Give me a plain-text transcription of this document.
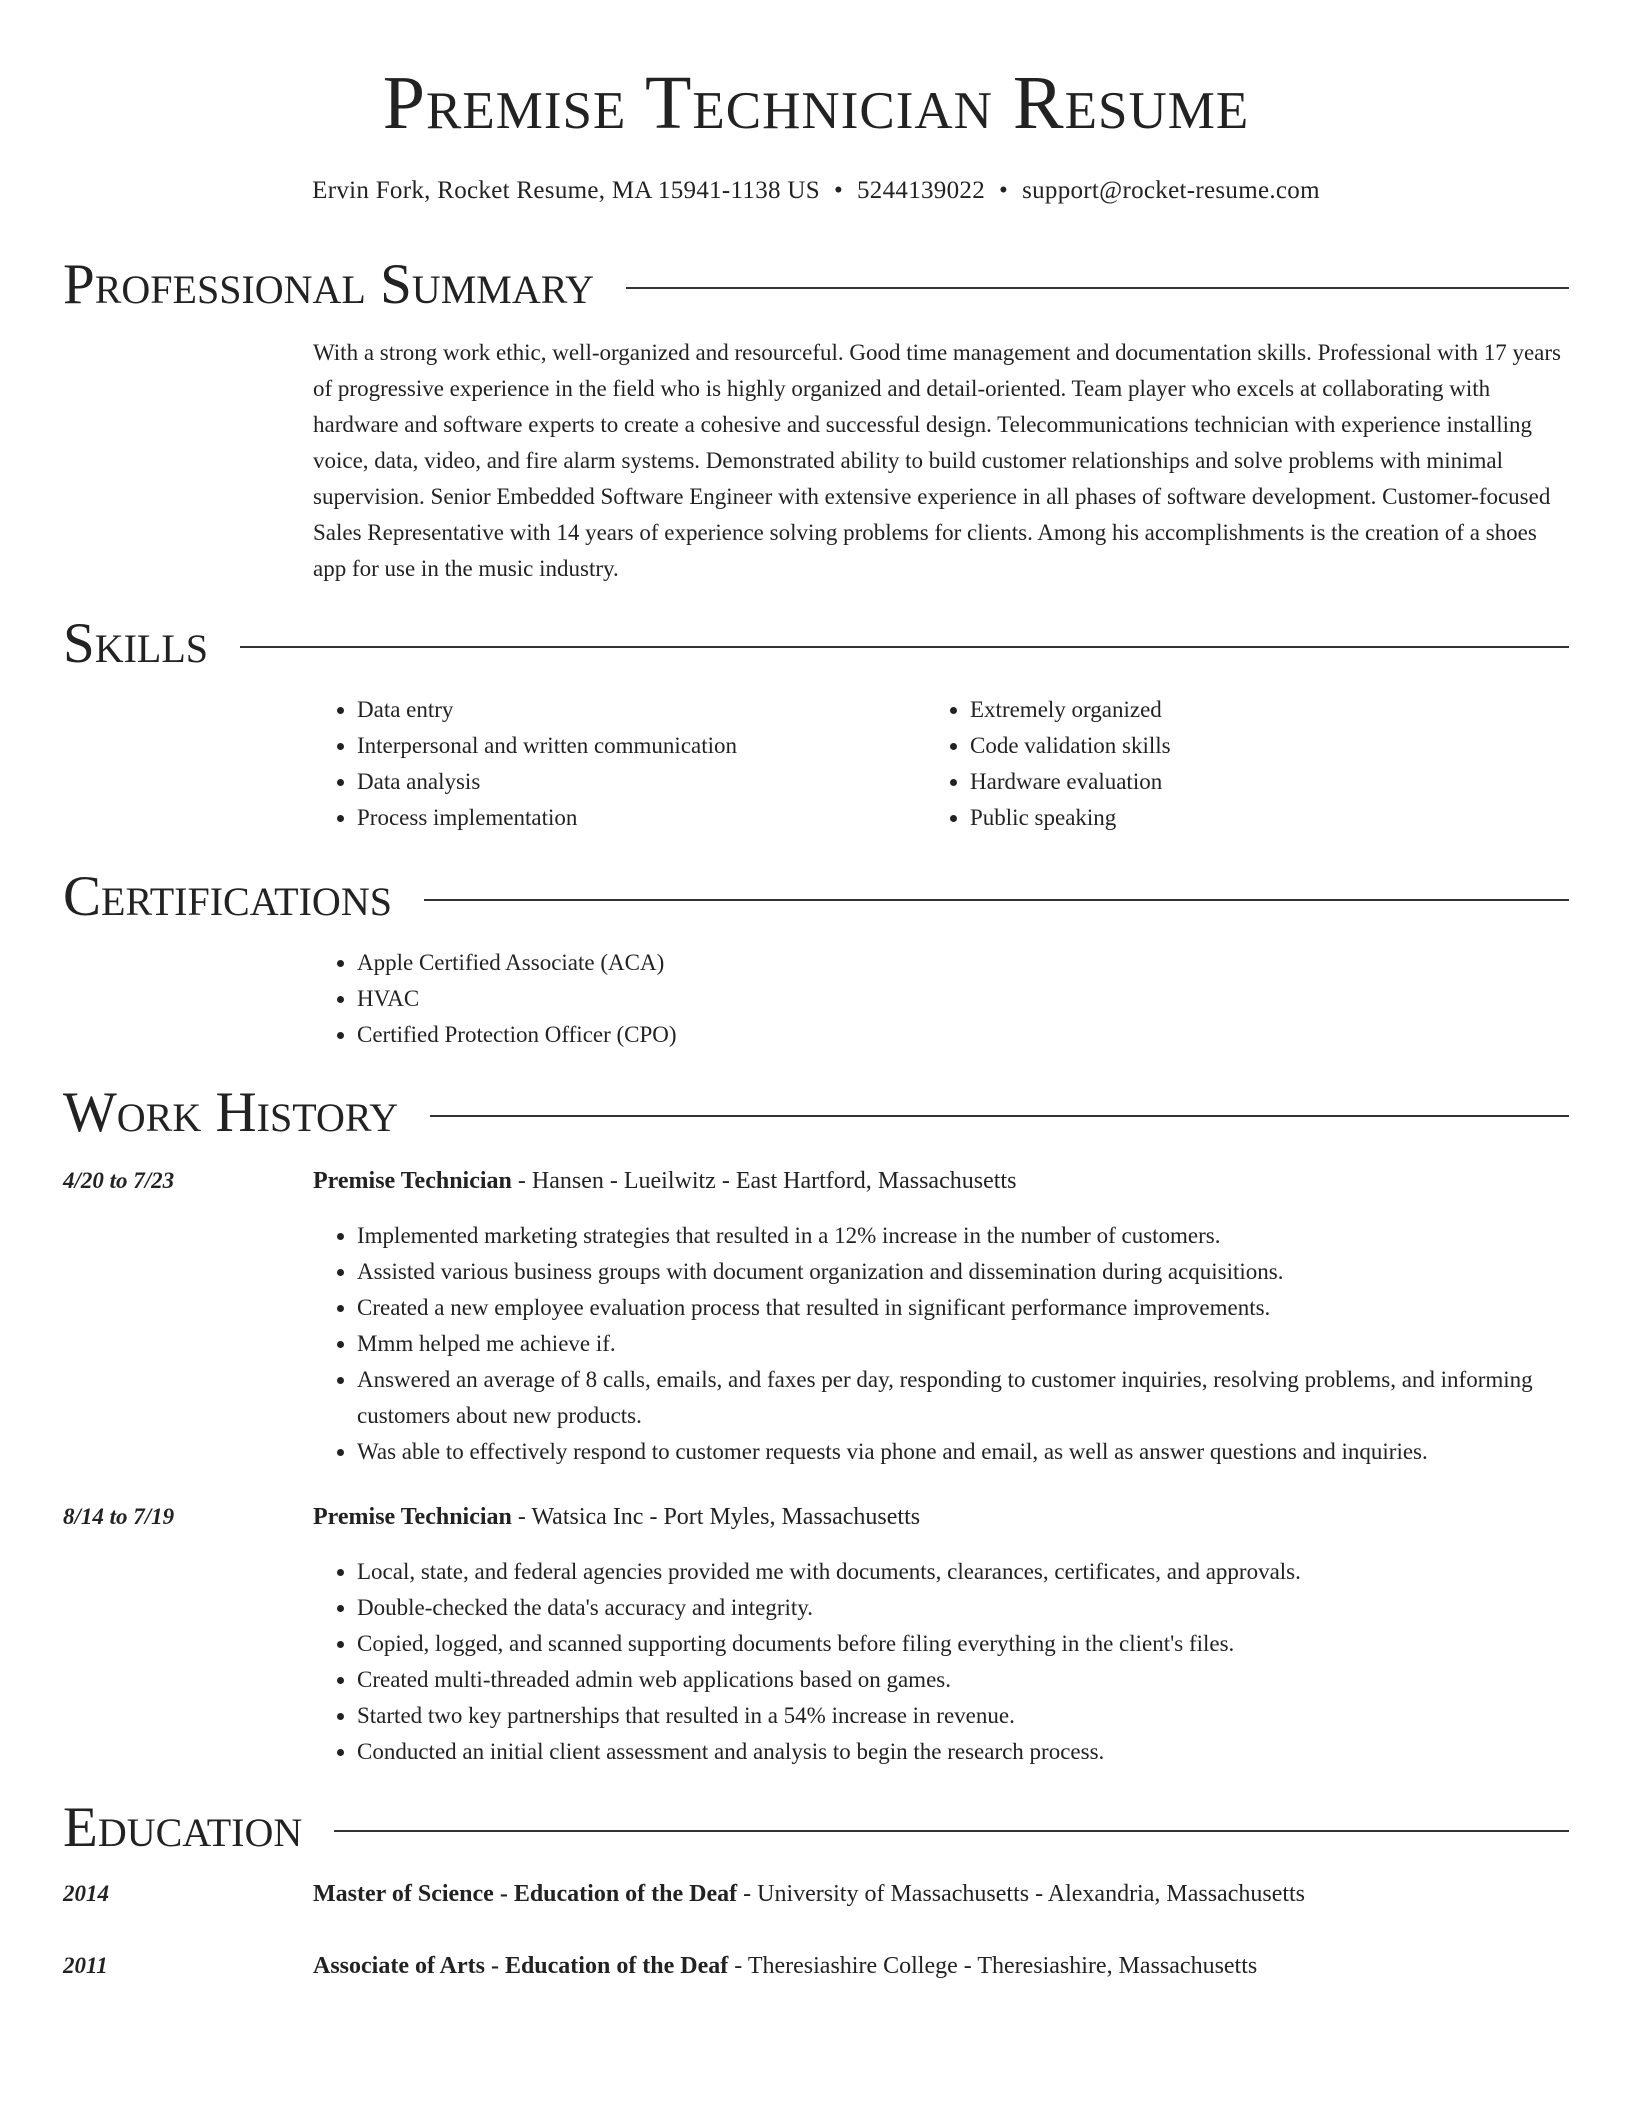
Premise Technician Resume
Ervin Fork, Rocket Resume, MA 15941-1138 US • 5244139022 • support@rocket-resume.com
Professional Summary

With a strong work ethic, well-organized and resourceful. Good time management and documentation skills. Professional with 17 years of progressive experience in the field who is highly organized and detail-oriented. Team player who excels at collaborating with hardware and software experts to create a cohesive and successful design. Telecommunications technician with experience installing voice, data, video, and fire alarm systems. Demonstrated ability to build customer relationships and solve problems with minimal supervision. Senior Embedded Software Engineer with extensive experience in all phases of software development. Customer-focused Sales Representative with 14 years of experience solving problems for clients. Among his accomplishments is the creation of a shoes app for use in the music industry.

Skills
• Data entry
• Interpersonal and written communication
• Data analysis
• Process implementation
• Extremely organized
• Code validation skills
• Hardware evaluation
• Public speaking
Certifications
• Apple Certified Associate (ACA)
• HVAC
• Certified Protection Officer (CPO)
Work History
4/20 to 7/23	Premise Technician - Hansen - Lueilwitz - East Hartford, Massachusetts
• Implemented marketing strategies that resulted in a 12% increase in the number of customers.
• Assisted various business groups with document organization and dissemination during acquisitions.
• Created a new employee evaluation process that resulted in significant performance improvements.
• Mmm helped me achieve if.
• Answered an average of 8 calls, emails, and faxes per day, responding to customer inquiries, resolving problems, and informing customers about new products.
• Was able to effectively respond to customer requests via phone and email, as well as answer questions and inquiries.
8/14 to 7/19	Premise Technician - Watsica Inc - Port Myles, Massachusetts
• Local, state, and federal agencies provided me with documents, clearances, certificates, and approvals.
• Double-checked the data's accuracy and integrity.
• Copied, logged, and scanned supporting documents before filing everything in the client's files.
• Created multi-threaded admin web applications based on games.
• Started two key partnerships that resulted in a 54% increase in revenue.
• Conducted an initial client assessment and analysis to begin the research process.
Education
2014	Master of Science - Education of the Deaf - University of Massachusetts - Alexandria, Massachusetts
2011	Associate of Arts - Education of the Deaf - Theresiashire College - Theresiashire, Massachusetts
